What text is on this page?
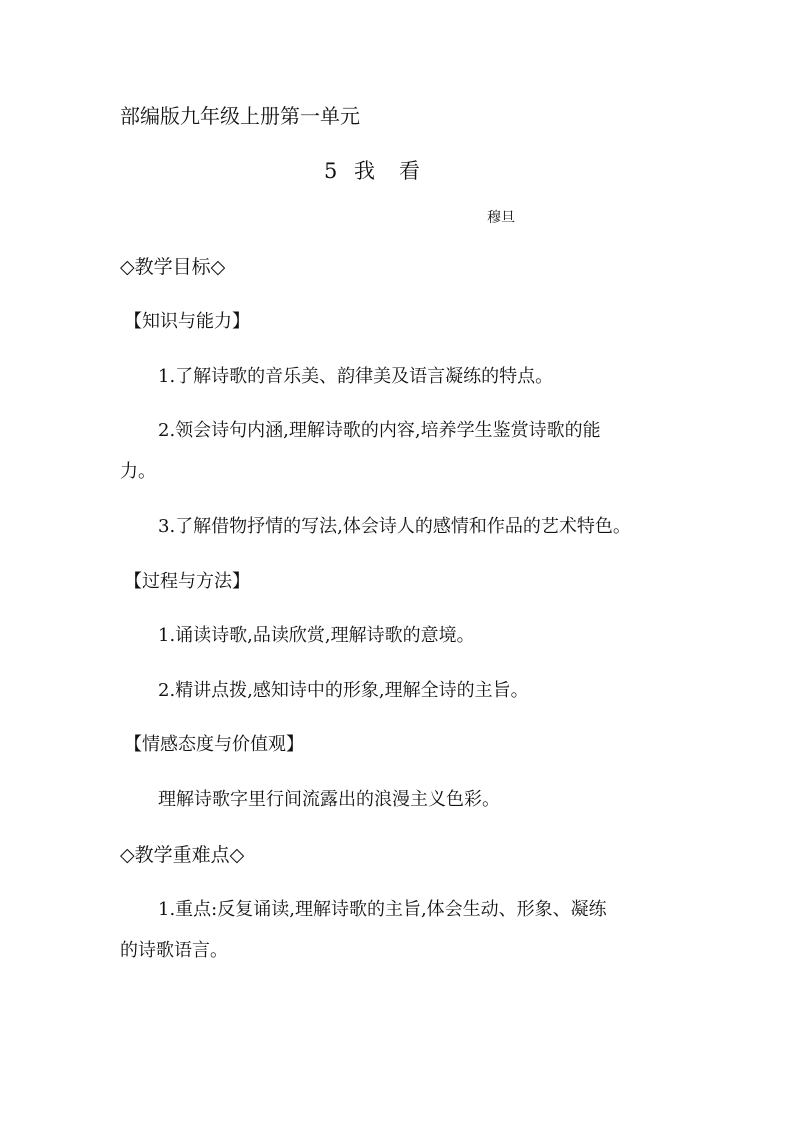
部编版九年级上册第一单元
5 我 看
穆旦
◇教学目标◇
【知识与能力】
1.了解诗歌的音乐美、韵律美及语言凝练的特点。
2.领会诗句内涵,理解诗歌的内容,培养学生鉴赏诗歌的能
力。
3.了解借物抒情的写法,体会诗人的感情和作品的艺术特色。
【过程与方法】
1.诵读诗歌,品读欣赏,理解诗歌的意境。
2.精讲点拨,感知诗中的形象,理解全诗的主旨。
【情感态度与价值观】
理解诗歌字里行间流露出的浪漫主义色彩。
◇教学重难点◇
1.重点:反复诵读,理解诗歌的主旨,体会生动、形象、凝练
的诗歌语言。
